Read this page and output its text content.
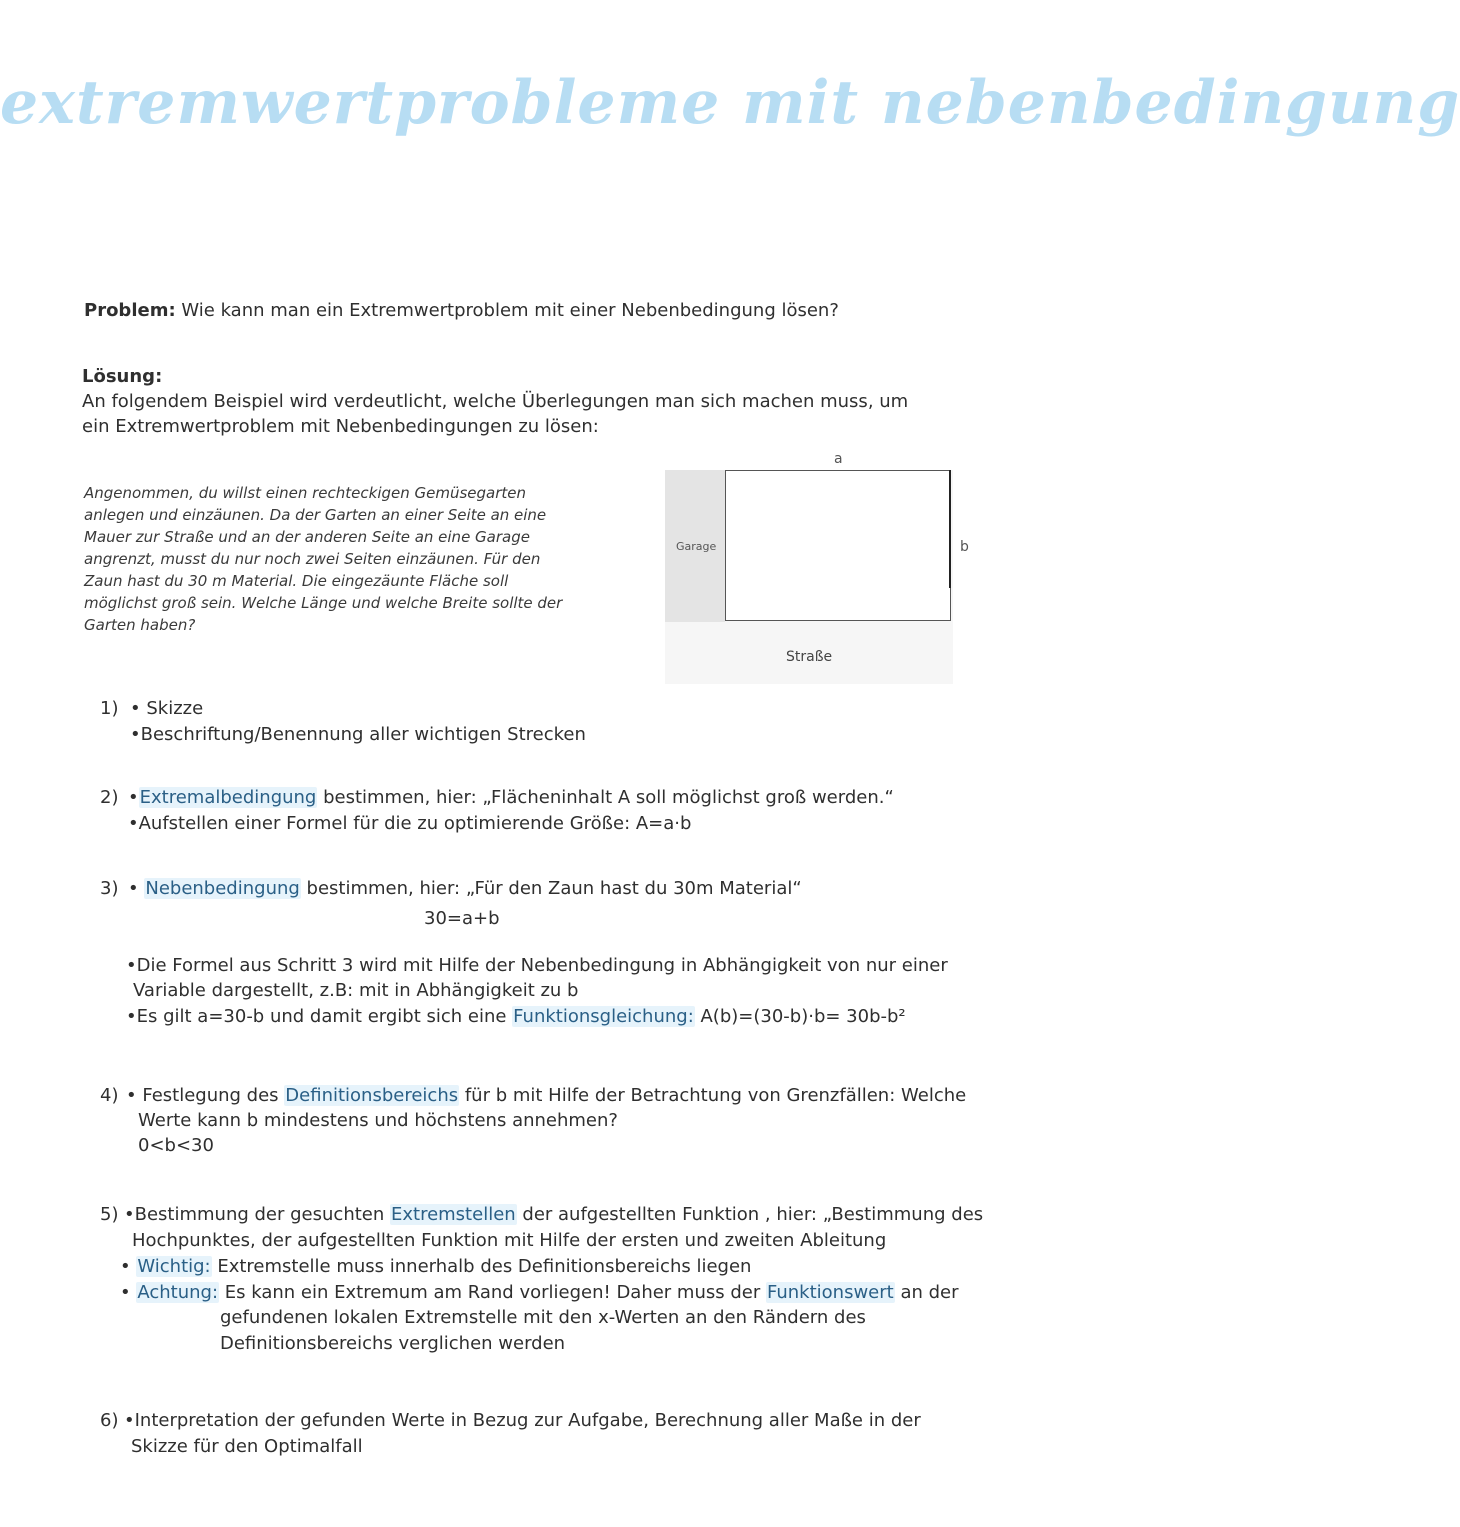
extremwertprobleme mit nebenbedingung
Problem: Wie kann man ein Extremwertproblem mit einer Nebenbedingung lösen?
Lösung:
An folgendem Beispiel wird verdeutlicht, welche Überlegungen man sich machen muss, um
ein Extremwertproblem mit Nebenbedingungen zu lösen:

Angenommen, du willst einen rechteckigen Gemüsegarten

anlegen und einzäunen. Da der Garten an einer Seite an eine

Mauer zur Straße und an der anderen Seite an eine Garage

angrenzt, musst du nur noch zwei Seiten einzäunen. Für den

Zaun hast du 30 m Material. Die eingezäunte Fläche soll

möglichst groß sein. Welche Länge und welche Breite sollte der

Garten haben?

a
b
Garage
Straße
1) • Skizze
•Beschriftung/Benennung aller wichtigen Strecken
2) •Extremalbedingung bestimmen, hier: „Flächeninhalt A soll möglichst groß werden.“
•Aufstellen einer Formel für die zu optimierende Größe: A=a·b
3) • Nebenbedingung bestimmen, hier: „Für den Zaun hast du 30m Material“
30=a+b
•Die Formel aus Schritt 3 wird mit Hilfe der Nebenbedingung in Abhängigkeit von nur einer
Variable dargestellt, z.B: mit in Abhängigkeit zu b
•Es gilt a=30-b und damit ergibt sich eine Funktionsgleichung: A(b)=(30-b)·b= 30b-b²
4) • Festlegung des Definitionsbereichs für b mit Hilfe der Betrachtung von Grenzfällen: Welche
Werte kann b mindestens und höchstens annehmen?
0<b<30
5) •Bestimmung der gesuchten Extremstellen der aufgestellten Funktion , hier: „Bestimmung des
Hochpunktes, der aufgestellten Funktion mit Hilfe der ersten und zweiten Ableitung
• Wichtig: Extremstelle muss innerhalb des Definitionsbereichs liegen
• Achtung: Es kann ein Extremum am Rand vorliegen! Daher muss der Funktionswert an der
gefundenen lokalen Extremstelle mit den x-Werten an den Rändern des
Definitionsbereichs verglichen werden
6) •Interpretation der gefunden Werte in Bezug zur Aufgabe, Berechnung aller Maße in der
Skizze für den Optimalfall
